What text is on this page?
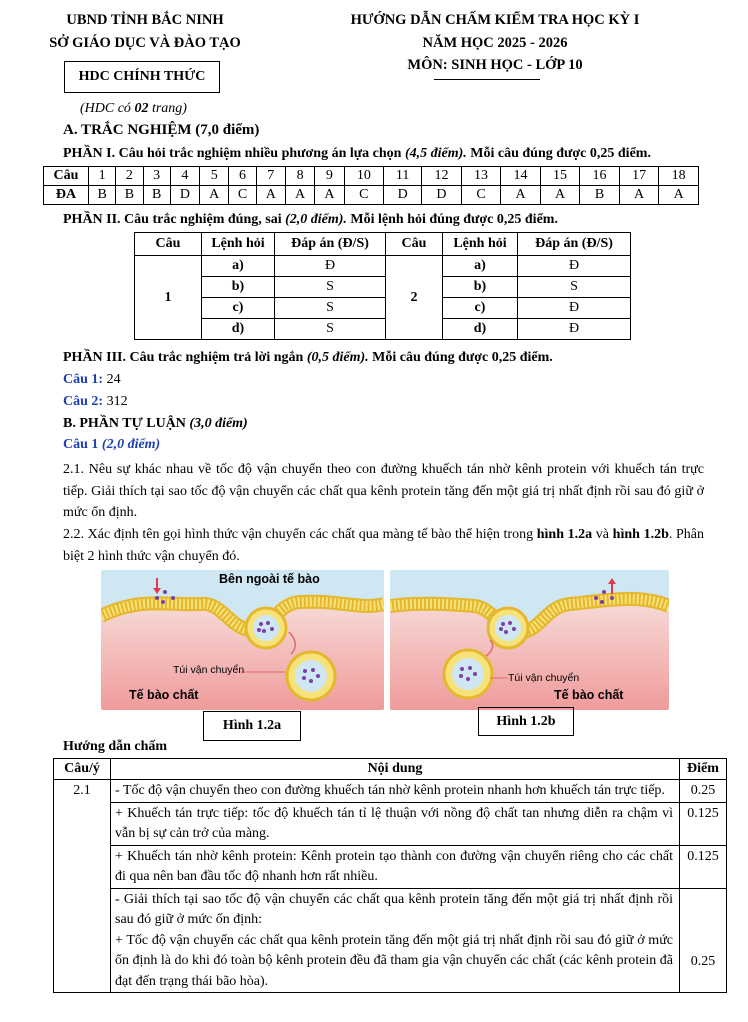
UBND TỈNH BẮC NINH
SỞ GIÁO DỤC VÀ ĐÀO TẠO
HƯỚNG DẪN CHẤM KIỂM TRA HỌC KỲ I
NĂM HỌC 2025 - 2026
MÔN: SINH HỌC - LỚP 10
HDC CHÍNH THỨC
(HDC có 02 trang)
A. TRẮC NGHIỆM (7,0 điểm)
PHẦN I. Câu hỏi trắc nghiệm nhiều phương án lựa chọn (4,5 điểm). Mỗi câu đúng được 0,25 điểm.
Câu	1	2	3	4	5	6	7	8	9	10	11	12	13	14	15	16	17	18
ĐA	B	B	B	D	A	C	A	A	A	C	D	D	C	A	A	B	A	A
PHẦN II. Câu trắc nghiệm đúng, sai (2,0 điểm). Mỗi lệnh hỏi đúng được 0,25 điểm.
Câu	Lệnh hỏi	Đáp án (Đ/S)	Câu	Lệnh hỏi	Đáp án (Đ/S)
1	a)	Đ	2	a)	Đ
	b)	S		b)	S
	c)	S		c)	Đ
	d)	S		d)	Đ
PHẦN III. Câu trắc nghiệm trả lời ngắn (0,5 điểm). Mỗi câu đúng được 0,25 điểm.
Câu 1: 24
Câu 2: 312
B. PHẦN TỰ LUẬN (3,0 điểm)
Câu 1 (2,0 điểm)
2.1. Nêu sự khác nhau về tốc độ vận chuyển theo con đường khuếch tán nhờ kênh protein với khuếch tán trực tiếp. Giải thích tại sao tốc độ vận chuyển các chất qua kênh protein tăng đến một giá trị nhất định rồi sau đó giữ ở mức ổn định.
2.2. Xác định tên gọi hình thức vận chuyển các chất qua màng tế bào thể hiện trong hình 1.2a và hình 1.2b. Phân biệt 2 hình thức vận chuyển đó.
Bên ngoài tế bào
Túi vận chuyển
Tế bào chất
Hình 1.2a
Túi vận chuyển
Tế bào chất
Hình 1.2b
Hướng dẫn chấm
Câu/ý	Nội dung	Điểm
2.1	- Tốc độ vận chuyển theo con đường khuếch tán nhờ kênh protein nhanh hơn khuếch tán trực tiếp.	0.25
	+ Khuếch tán trực tiếp: tốc độ khuếch tán tỉ lệ thuận với nồng độ chất tan nhưng diễn ra chậm vì vẫn bị sự cản trở của màng.	0.125
	+ Khuếch tán nhờ kênh protein: Kênh protein tạo thành con đường vận chuyển riêng cho các chất đi qua nên ban đầu tốc độ nhanh hơn rất nhiều.	0.125
	- Giải thích tại sao tốc độ vận chuyển các chất qua kênh protein tăng đến một giá trị nhất định rồi sau đó giữ ở mức ổn định:
+ Tốc độ vận chuyển các chất qua kênh protein tăng đến một giá trị nhất định rồi sau đó giữ ở mức ổn định là do khi đó toàn bộ kênh protein đều đã tham gia vận chuyển các chất (các kênh protein đã đạt đến trạng thái bão hòa).	0.25
